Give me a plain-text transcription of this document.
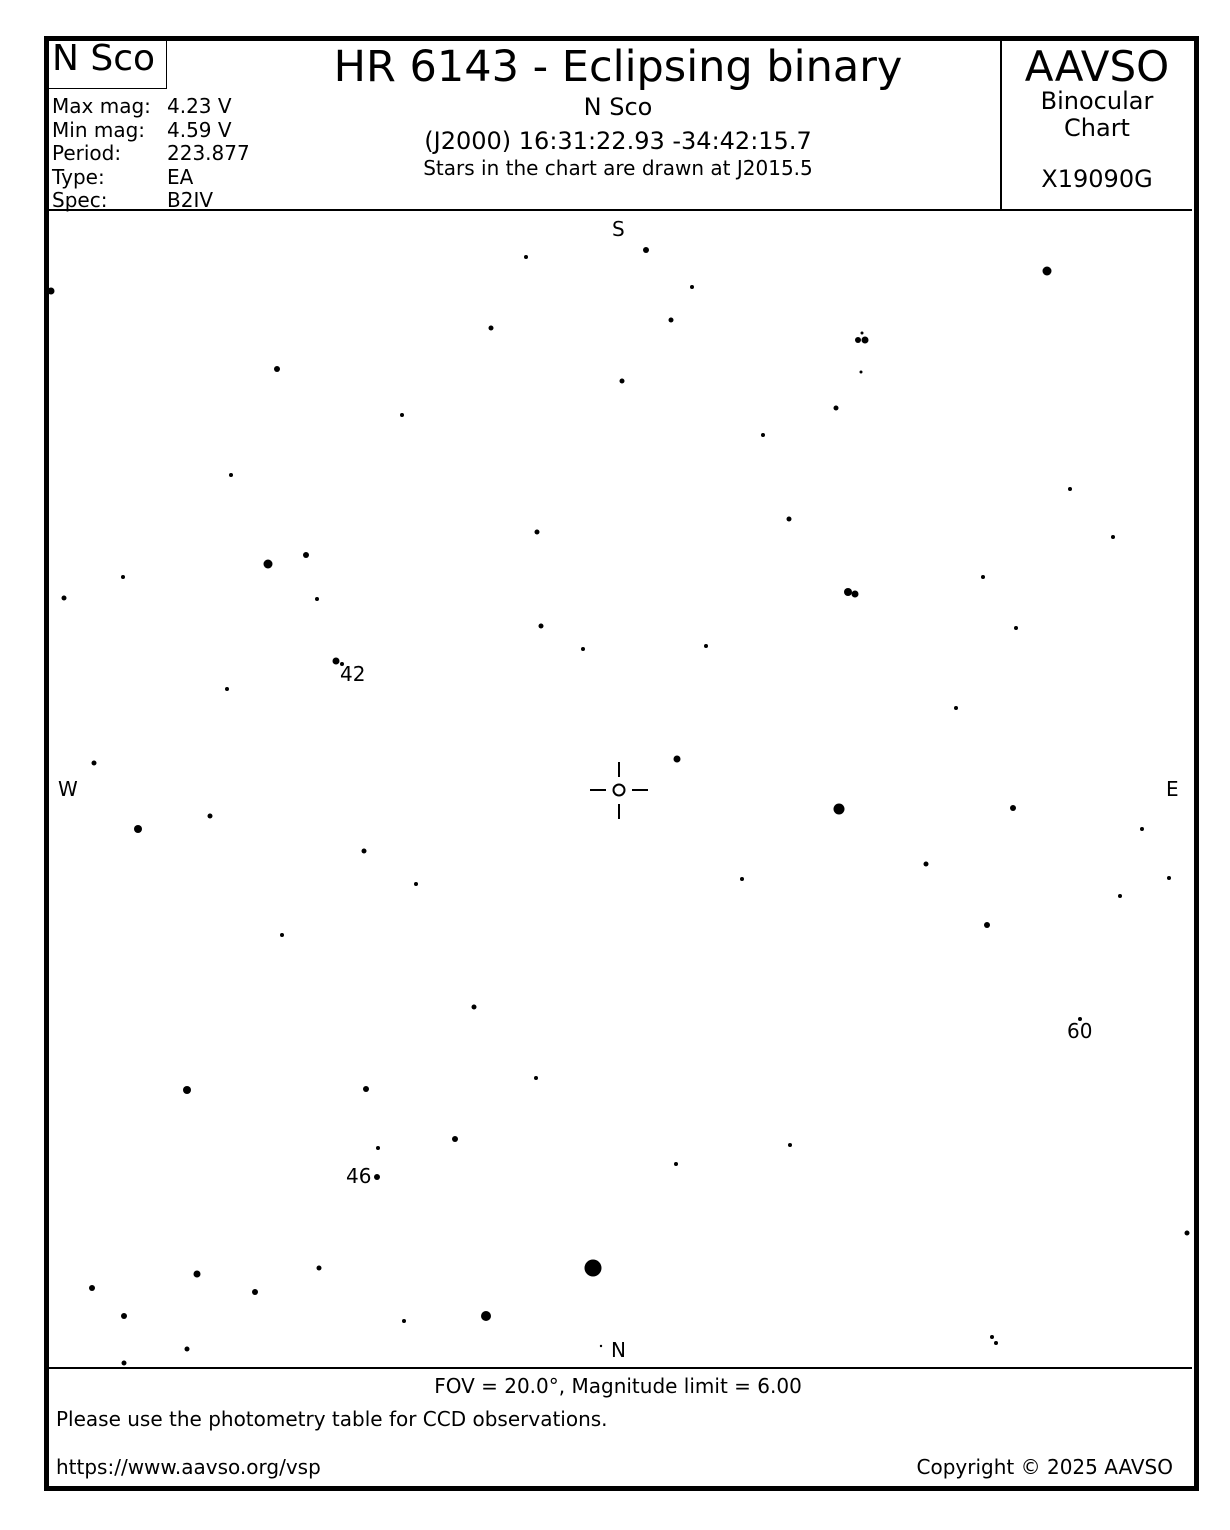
N Sco
Max mag: 4.23 V
Min mag: 4.59 V
Period: 223.877
Type:	EA
Spec:	B2IV
HR 6143 - Eclipsing binary
N Sco
(J2000) 16:31:22.93 -34:42:15.7
Stars in the chart are drawn at J2015.5
AAVSO
Binocular
Chart
X19090G
S
N
W	E
42
46
60
FOV = 20.0°, Magnitude limit = 6.00
Please use the photometry table for CCD observations.
https://www.aavso.org/vsp	Copyright © 2025 AAVSO
